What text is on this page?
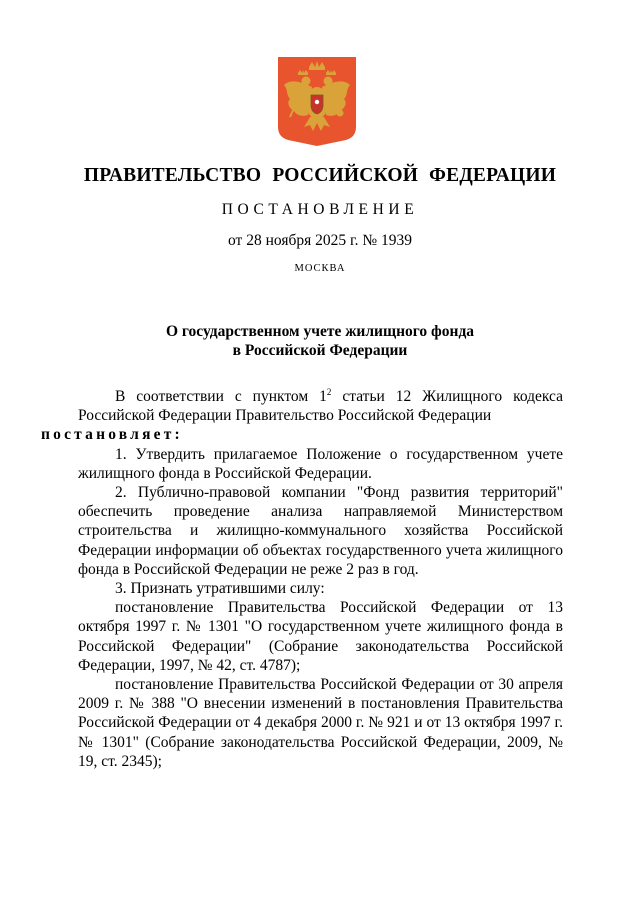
ПРАВИТЕЛЬСТВО РОССИЙСКОЙ ФЕДЕРАЦИИ
ПОСТАНОВЛЕНИЕ
от 28 ноября 2025 г. № 1939
МОСКВА
О государственном учете жилищного фонда
в Российской Федерации

В соответствии с пунктом $1^2$ статьи 12 Жилищного кодекса Российской Федерации Правительство Российской Федерации
постановляет:

1. Утвердить прилагаемое Положение о государственном учете жилищного фонда в Российской Федерации.

2. Публично-правовой компании "Фонд развития территорий" обеспечить проведение анализа направляемой Министерством строительства и жилищно-коммунального хозяйства Российской Федерации информации об объектах государственного учета жилищного фонда в Российской Федерации не реже 2 раз в год.

3. Признать утратившими силу:

постановление Правительства Российской Федерации от 13 октября 1997 г. № 1301 "О государственном учете жилищного фонда в Российской Федерации" (Собрание законодательства Российской Федерации, 1997, № 42, ст. 4787);

постановление Правительства Российской Федерации от 30 апреля 2009 г. № 388 "О внесении изменений в постановления Правительства Российской Федерации от 4 декабря 2000 г. № 921 и от 13 октября 1997 г. № 1301" (Собрание законодательства Российской Федерации, 2009, № 19, ст. 2345);
